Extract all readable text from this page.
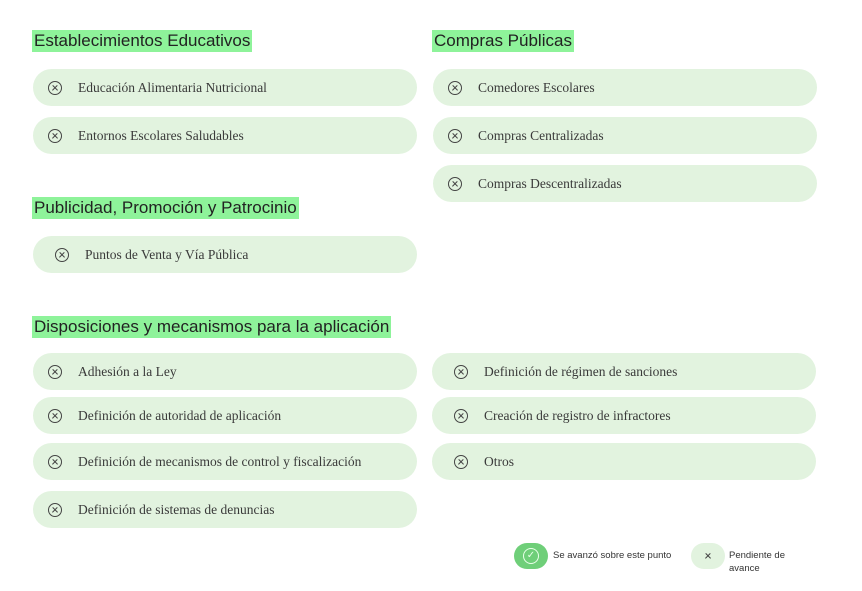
Establecimientos Educativos
Educación Alimentaria Nutricional
Entornos Escolares Saludables
Compras Públicas
Comedores Escolares
Compras Centralizadas
Compras Descentralizadas
Publicidad, Promoción y Patrocinio
Puntos de Venta y Vía Pública
Disposiciones y mecanismos para la aplicación
Adhesión a la Ley
Definición de autoridad de aplicación
Definición de mecanismos de control y fiscalización
Definición de sistemas de denuncias
Definición de régimen de sanciones
Creación de registro de infractores
Otros
✓	Se avanzó sobre este punto	Pendiente de avance
